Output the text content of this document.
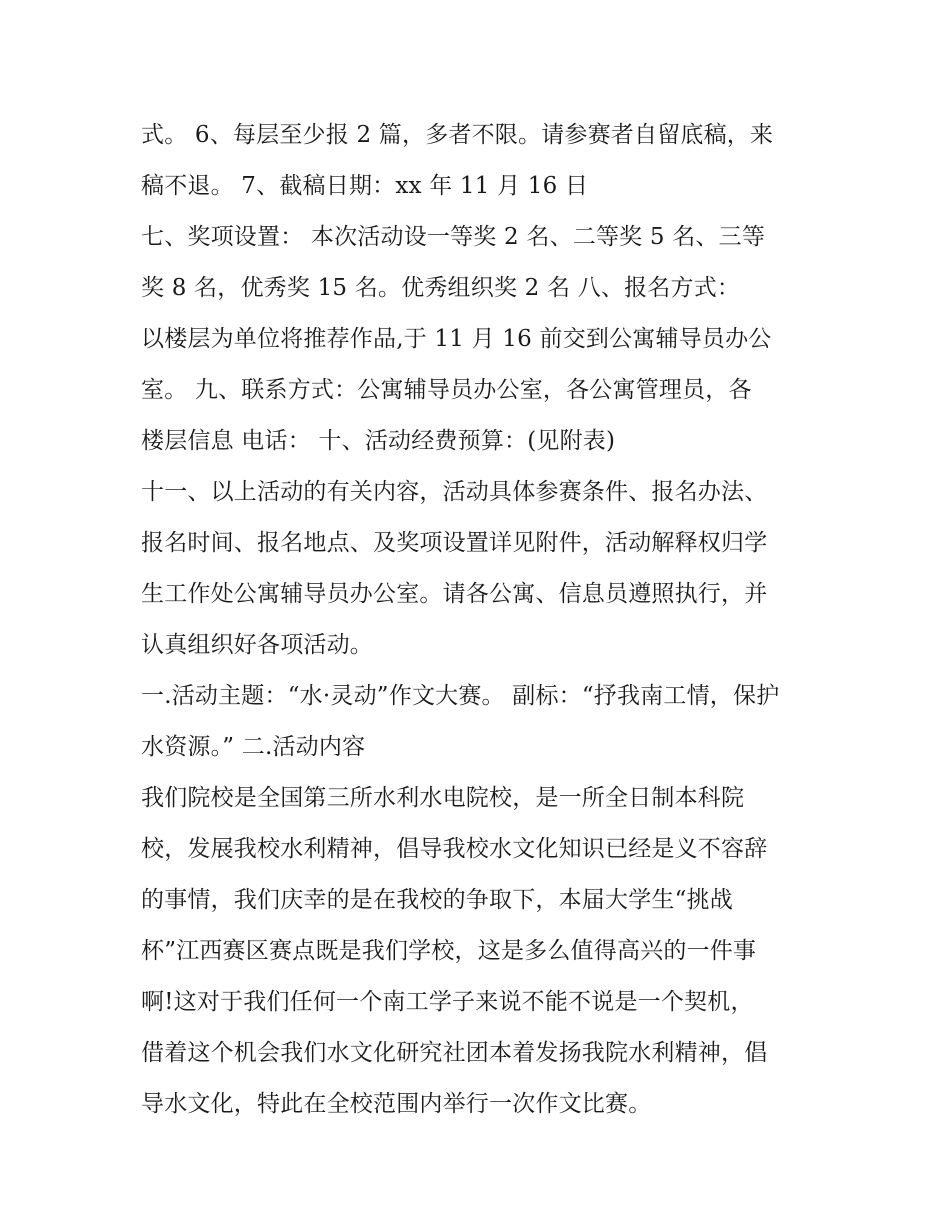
式。 6、每层至少报 2 篇，多者不限。请参赛者自留底稿，来
稿不退。 7、截稿日期：xx 年 11 月 16 日
七、奖项设置： 本次活动设一等奖 2 名、二等奖 5 名、三等
奖 8 名，优秀奖 15 名。优秀组织奖 2 名 八、报名方式：
以楼层为单位将推荐作品,于 11 月 16 前交到公寓辅导员办公
室。 九、联系方式：公寓辅导员办公室，各公寓管理员，各
楼层信息 电话： 十、活动经费预算：(见附表)
十一、以上活动的有关内容，活动具体参赛条件、报名办法、
报名时间、报名地点、及奖项设置详见附件，活动解释权归学
生工作处公寓辅导员办公室。请各公寓、信息员遵照执行，并
认真组织好各项活动。
一.活动主题：“水·灵动”作文大赛。 副标：“抒我南工情，保护
水资源。” 二.活动内容
我们院校是全国第三所水利水电院校，是一所全日制本科院
校，发展我校水利精神，倡导我校水文化知识已经是义不容辞
的事情，我们庆幸的是在我校的争取下，本届大学生“挑战
杯”江西赛区赛点既是我们学校，这是多么值得高兴的一件事
啊!这对于我们任何一个南工学子来说不能不说是一个契机，
借着这个机会我们水文化研究社团本着发扬我院水利精神，倡
导水文化，特此在全校范围内举行一次作文比赛。
